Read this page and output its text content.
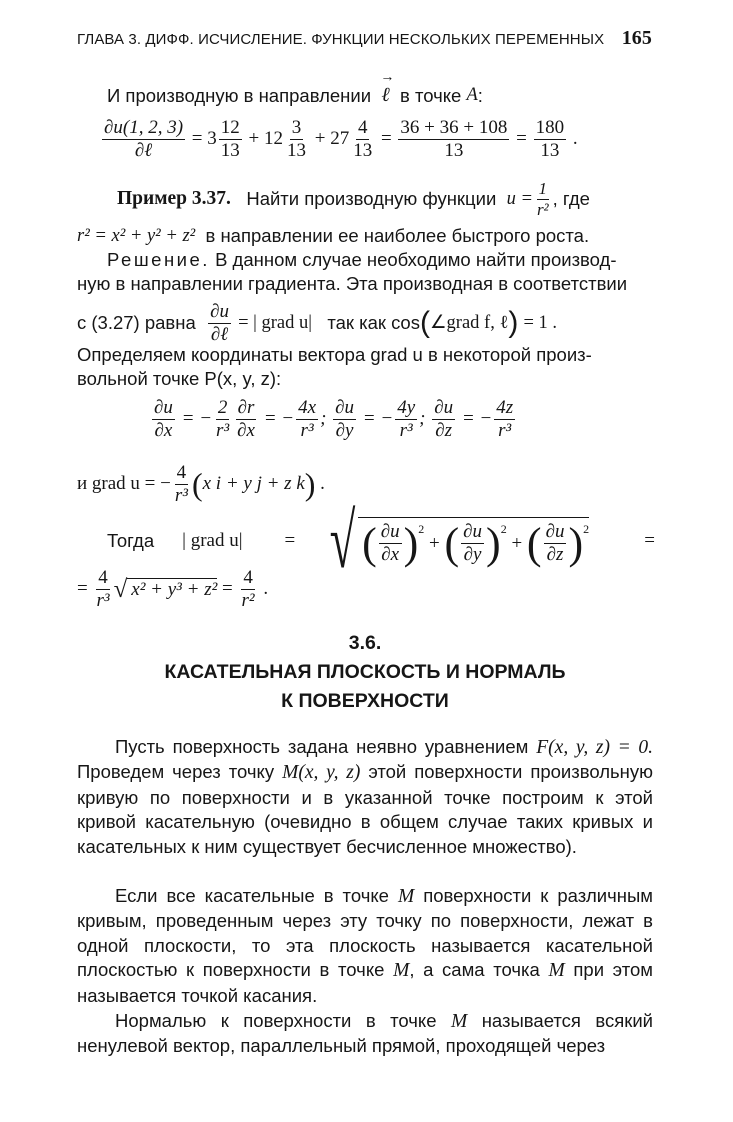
ГЛАВА 3. ДИФФ. ИСЧИСЛЕНИЕ. ФУНКЦИИ НЕСКОЛЬКИХ ПЕРЕМЕННЫХ 165
И производную в направлении

→ ℓ
в точке
A :
$\frac{\partial u(1, 2, 3)}{\text{∂ℓ}}$
=
$3 \frac{12}{13}$
+
$12 \frac{3}{13}$
+
$27 \frac{4}{13}$
=
$\frac{36 + 36 + 108}{13}$
=
$\frac{180}{13}$
.
Пример 3.37.
Найти производную функции
$u = \frac{1}{\text{r²}}$ , где
r² = x² + y² + z²
в направлении ее наиболее быстрого роста.
Решение.
В данном случае необходимо найти производ-
ную в направлении градиента. Эта производная в соответствии
с (3.27) равна
$\frac{\partial u}{\text{∂ℓ}}$
= | grad u|
так как cos ( ∠grad f, ℓ )
= 1 .
Определяем координаты вектора grad u в некоторой произ-
вольной точке P(x, y, z):
$\frac{\partial u}{\partial x}$ = − $\frac{2}{\text{r³}} \frac{\partial r}{\partial x}$ = − $\frac{4x}{\text{r³}}$ ; $\frac{\partial u}{\partial y}$ = − $\frac{4y}{\text{r³}}$ ; $\frac{\partial u}{\partial z}$ = − $\frac{4z}{\text{r³}}$
и grad u = − $\frac{4}{\text{r³}}$ ( x i + y j + z k )
.
Тогда | grad u| = √ ( $\frac{\partial u}{\partial x}$ ) 2
+ ( $\frac{\partial u}{\partial y}$ ) 2
+ ( $\frac{\partial u}{\partial z}$ ) 2
=
=
$\frac{4}{\text{r³}}$ √ x² + y³ + z²
=
$\frac{4}{\text{r²}}$
.
3.6.
КАСАТЕЛЬНАЯ ПЛОСКОСТЬ И НОРМАЛЬ
К ПОВЕРХНОСТИ
Пусть поверхность задана неявно уравнением F(x, y, z) = 0. Проведем через точку M(x, y, z) этой поверхности произвольную кривую по поверхности и в указанной точке построим к этой кривой касательную (очевидно в общем случае таких кривых и касательных к ним существует бесчисленное множество).
Если все касательные в точке M поверхности к различным кривым, проведенным через эту точку по поверхности, лежат в одной плоскости, то эта плоскость называется касательной плоскостью к поверхности в точке M, а сама точка M при этом называется точкой касания.
Нормалью к поверхности в точке M называется всякий ненулевой вектор, параллельный прямой, проходящей через
